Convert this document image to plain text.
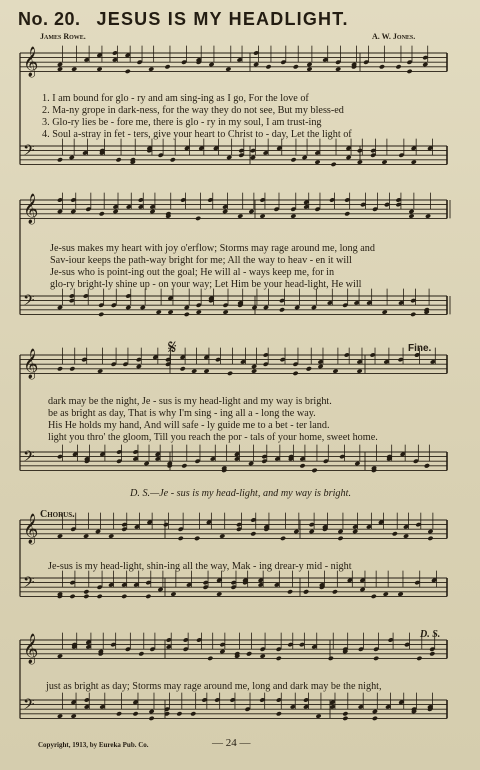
No. 20. JESUS IS MY HEADLIGHT.
James Rowe.	A. W. Jones.
𝄞
𝄢
𝄞
𝄢
𝄞
𝄢
𝄞
𝄢
𝄞
𝄢
1. I am bound for glo - ry and am sing-ing as I go, For the love of
2. Ma-ny grope in dark-ness, for the way they do not see, But my bless-ed
3. Glo-ry lies be - fore me, there is glo - ry in my soul, I am trust-ing
4. Soul a-stray in fet - ters, give your heart to Christ to - day, Let the light of
Je-sus makes my heart with joy o'erflow; Storms may rage around me, long and
Sav-iour keeps the path-way bright for me; All the way to heav - en it will
Je-sus who is point-ing out the goal; He will al - ways keep me, for in
glo-ry bright-ly shine up - on your way; Let Him be your head-light, He will
𝄋	Fine.
dark may be the night, Je - sus is my head-light and my way is bright.
be as bright as day, That is why I'm sing - ing all a - long the way.
His He holds my hand, And will safe - ly guide me to a bet - ter land.
light you thro' the gloom, Till you reach the por - tals of your home, sweet home.
D. S.—Je - sus is my head-light, and my way is bright.
Chorus.
Je-sus is my head-light, shin-ing all the way, Mak - ing drear-y mid - night
D. S.
just as bright as day; Storms may rage around me, long and dark may be the night,
Copyright, 1913, by Eureka Pub. Co.	— 24 —
